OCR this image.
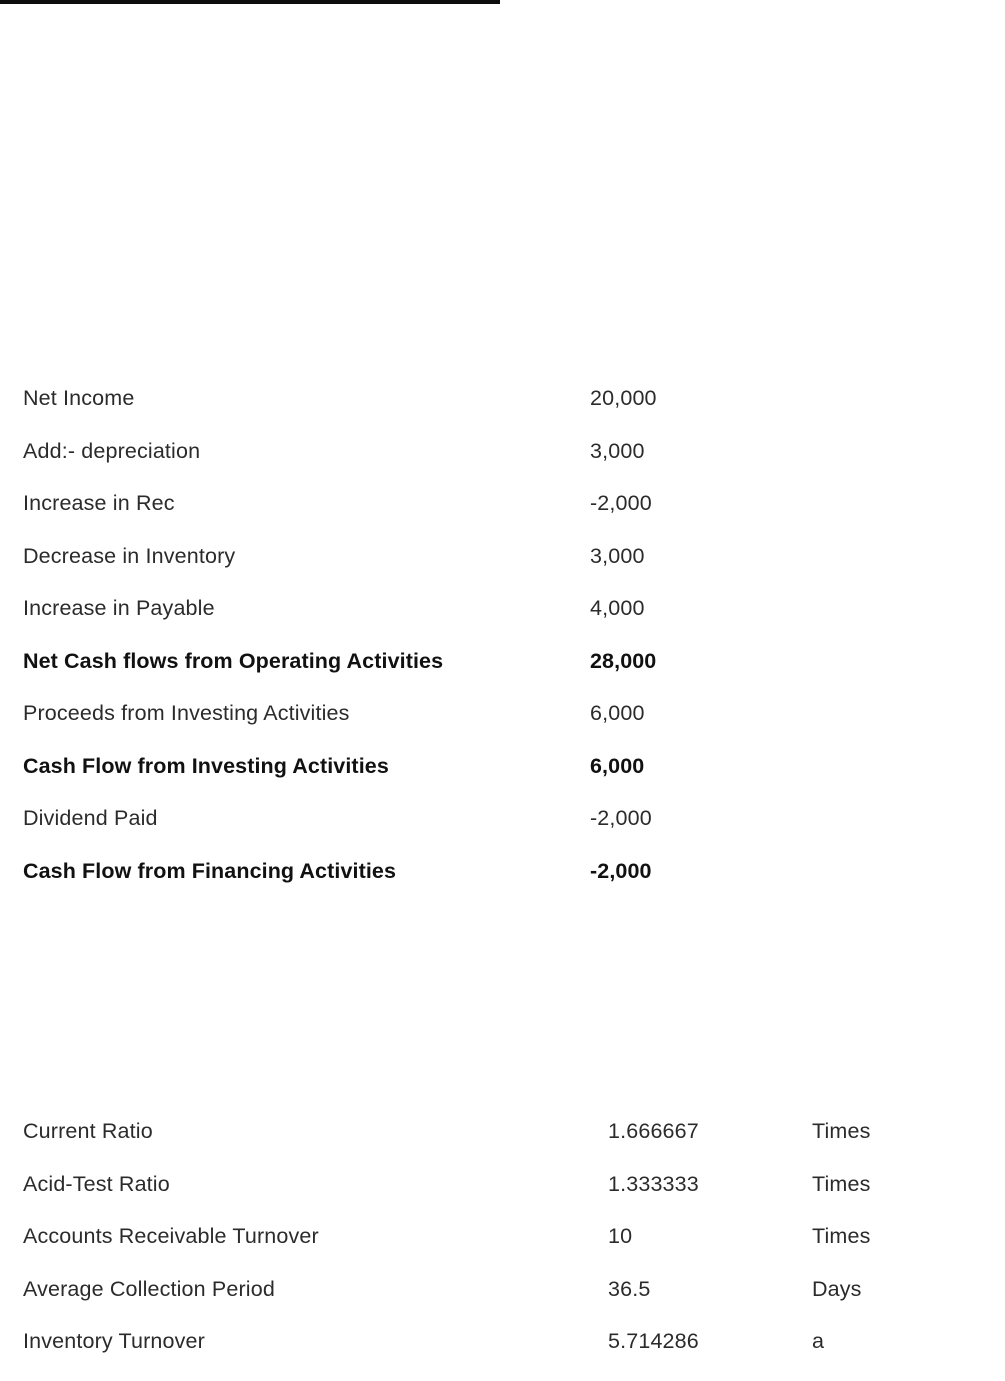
Net Income	20,000
Add:- depreciation	3,000
Increase in Rec	-2,000
Decrease in Inventory	3,000
Increase in Payable	4,000
Net Cash flows from Operating Activities	28,000
Proceeds from Investing Activities	6,000
Cash Flow from Investing Activities	6,000
Dividend Paid	-2,000
Cash Flow from Financing Activities	-2,000
Current Ratio	1.666667	Times
Acid-Test Ratio	1.333333	Times
Accounts Receivable Turnover	10	Times
Average Collection Period	36.5	Days
Inventory Turnover	5.714286	a
